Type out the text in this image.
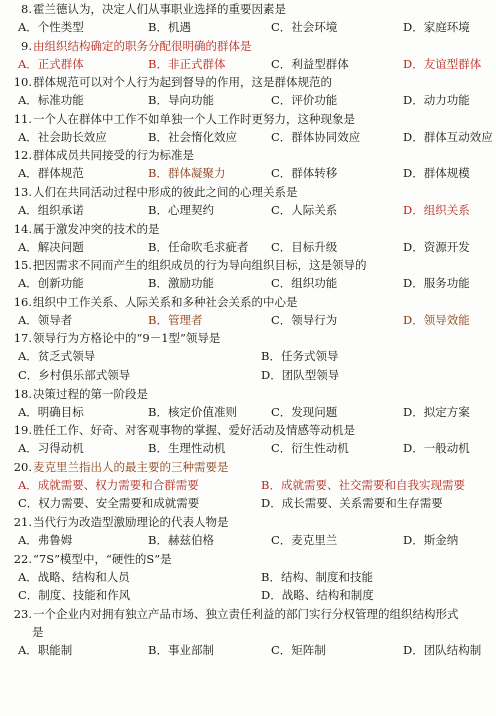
8. 霍兰德认为，决定人们从事职业选择的重要因素是
A．个性类型	B．机遇	C．社会环境	D．家庭环境
9. 由组织结构确定的职务分配很明确的群体是
A．正式群体	B．非正式群体	C．利益型群体	D．友谊型群体
10. 群体规范可以对个人行为起到督导的作用，这是群体规范的
A．标准功能	B．导向功能	C．评价功能	D．动力功能
11. 一个人在群体中工作不如单独一个人工作时更努力，这种现象是
A．社会助长效应	B．社会惰化效应	C．群体协同效应	D．群体互动效应
12. 群体成员共同接受的行为标准是
A．群体规范	B．群体凝聚力	C．群体转移	D．群体规模
13. 人们在共同活动过程中形成的彼此之间的心理关系是
A．组织承诺	B．心理契约	C．人际关系	D．组织关系
14. 属于激发冲突的技术的是
A．解决问题	B．任命吹毛求疵者	C．目标升级	D．资源开发
15. 把因需求不同而产生的组织成员的行为导向组织目标，这是领导的
A．创新功能	B．激励功能	C．组织功能	D．服务功能
16. 组织中工作关系、人际关系和多种社会关系的中心是
A．领导者	B．管理者	C．领导行为	D．领导效能
17. 领导行为方格论中的“9－1型”领导是
A．贫乏式领导	B．任务式领导
C．乡村俱乐部式领导	D．团队型领导
18. 决策过程的第一阶段是
A．明确目标	B．核定价值准则	C．发现问题	D．拟定方案
19. 胜任工作、好奇、对客观事物的掌握、爱好活动及情感等动机是
A．习得动机	B．生理性动机	C．衍生性动机	D．一般动机
20. 麦克里兰指出人的最主要的三种需要是
A．成就需要、权力需要和合群需要	B．成就需要、社交需要和自我实现需要
C．权力需要、安全需要和成就需要	D．成长需要、关系需要和生存需要
21. 当代行为改造型激励理论的代表人物是
A．弗鲁姆	B．赫兹伯格	C．麦克里兰	D．斯金纳
22. “7S”模型中，“硬性的S”是
A．战略、结构和人员	B．结构、制度和技能
C．制度、技能和作风	D．战略、结构和制度
23. 一个企业内对拥有独立产品市场、独立责任利益的部门实行分权管理的组织结构形式
是
A．职能制	B．事业部制	C．矩阵制	D．团队结构制
